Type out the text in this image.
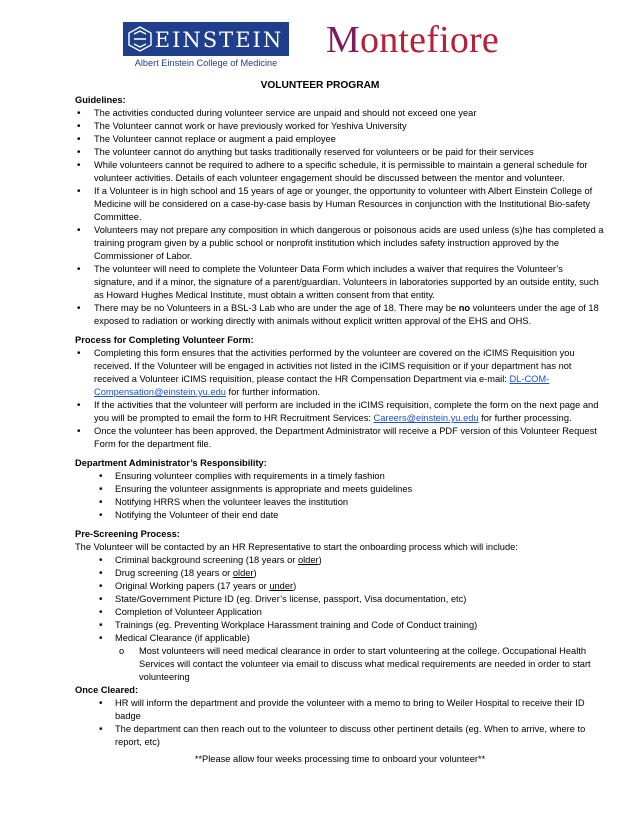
EINSTEIN
Albert Einstein College of Medicine
Montefiore
VOLUNTEER PROGRAM
Guidelines:
• The activities conducted during volunteer service are unpaid and should not exceed one year
• The Volunteer cannot work or have previously worked for Yeshiva University
• The Volunteer cannot replace or augment a paid employee
• The volunteer cannot do anything but tasks traditionally reserved for volunteers or be paid for their services
• While volunteers cannot be required to adhere to a specific schedule, it is permissible to maintain a general schedule for volunteer activities. Details of each volunteer engagement should be discussed between the mentor and volunteer.
• If a Volunteer is in high school and 15 years of age or younger, the opportunity to volunteer with Albert Einstein College of Medicine will be considered on a case-by-case basis by Human Resources in conjunction with the Institutional Bio-safety Committee.
• Volunteers may not prepare any composition in which dangerous or poisonous acids are used unless (s)he has completed a training program given by a public school or nonprofit institution which includes safety instruction approved by the Commissioner of Labor.
• The volunteer will need to complete the Volunteer Data Form which includes a waiver that requires the Volunteer’s signature, and if a minor, the signature of a parent/guardian. Volunteers in laboratories supported by an outside entity, such as Howard Hughes Medical Institute, must obtain a written consent from that entity.
• There may be no Volunteers in a BSL-3 Lab who are under the age of 18. There may be no volunteers under the age of 18 exposed to radiation or working directly with animals without explicit written approval of the EHS and OHS.
Process for Completing Volunteer Form:
• Completing this form ensures that the activities performed by the volunteer are covered on the iCIMS Requisition you received. If the Volunteer will be engaged in activities not listed in the iCIMS requisition or if your department has not received a Volunteer iCIMS requisition, please contact the HR Compensation Department via e-mail: DL-COM-Compensation@einstein.yu.edu for further information.
• If the activities that the volunteer will perform are included in the iCIMS requisition, complete the form on the next page and you will be prompted to email the form to HR Recruitment Services: Careers@einstein.yu.edu for further processing.
• Once the volunteer has been approved, the Department Administrator will receive a PDF version of this Volunteer Request Form for the department file.
Department Administrator’s Responsibility:
• Ensuring volunteer complies with requirements in a timely fashion
• Ensuring the volunteer assignments is appropriate and meets guidelines
• Notifying HRRS when the volunteer leaves the institution
• Notifying the Volunteer of their end date
Pre-Screening Process:

The Volunteer will be contacted by an HR Representative to start the onboarding process which will include:

• Criminal background screening (18 years or older)
• Drug screening (18 years or older)
• Original Working papers (17 years or under)
• State/Government Picture ID (eg. Driver’s license, passport, Visa documentation, etc)
• Completion of Volunteer Application
• Trainings (eg. Preventing Workplace Harassment training and Code of Conduct training)
• Medical Clearance (if applicable)
o Most volunteers will need medical clearance in order to start volunteering at the college. Occupational Health Services will contact the volunteer via email to discuss what medical requirements are needed in order to start volunteering
Once Cleared:
• HR will inform the department and provide the volunteer with a memo to bring to Weiler Hospital to receive their ID badge
• The department can then reach out to the volunteer to discuss other pertinent details (eg. When to arrive, where to report, etc)
**Please allow four weeks processing time to onboard your volunteer**
